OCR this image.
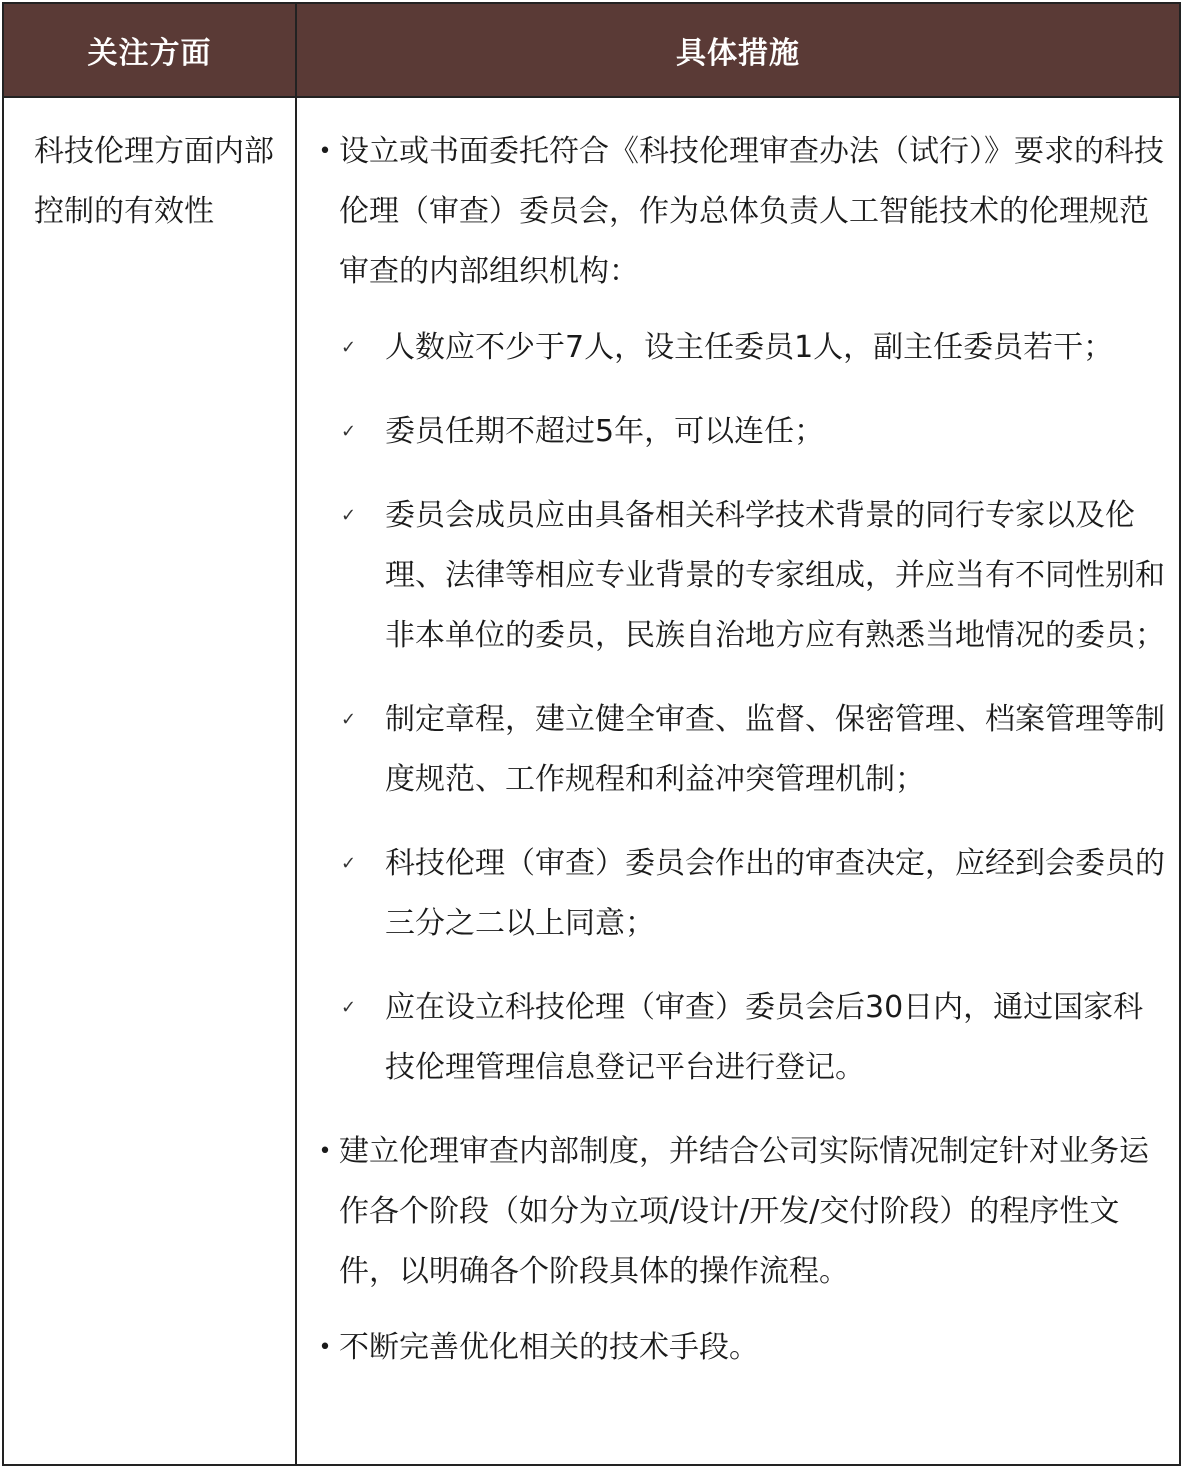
关注方面	具体措施
科技伦理方面内部控制的有效性
• 设立或书面委托符合《科技伦理审查办法（试行）》要求的科技伦理（审查）委员会，作为总体负责人工智能技术的伦理规范审查的内部组织机构：
✓ 人数应不少于7人，设主任委员1人，副主任委员若干；
✓ 委员任期不超过5年，可以连任；
✓ 委员会成员应由具备相关科学技术背景的同行专家以及伦理、法律等相应专业背景的专家组成，并应当有不同性别和非本单位的委员，民族自治地方应有熟悉当地情况的委员；
✓ 制定章程，建立健全审查、监督、保密管理、档案管理等制度规范、工作规程和利益冲突管理机制；
✓ 科技伦理（审查）委员会作出的审查决定，应经到会委员的三分之二以上同意；
✓ 应在设立科技伦理（审查）委员会后30日内，通过国家科技伦理管理信息登记平台进行登记。
• 建立伦理审查内部制度，并结合公司实际情况制定针对业务运作各个阶段（如分为立项/设计/开发/交付阶段）的程序性文件，以明确各个阶段具体的操作流程。
• 不断完善优化相关的技术手段。
